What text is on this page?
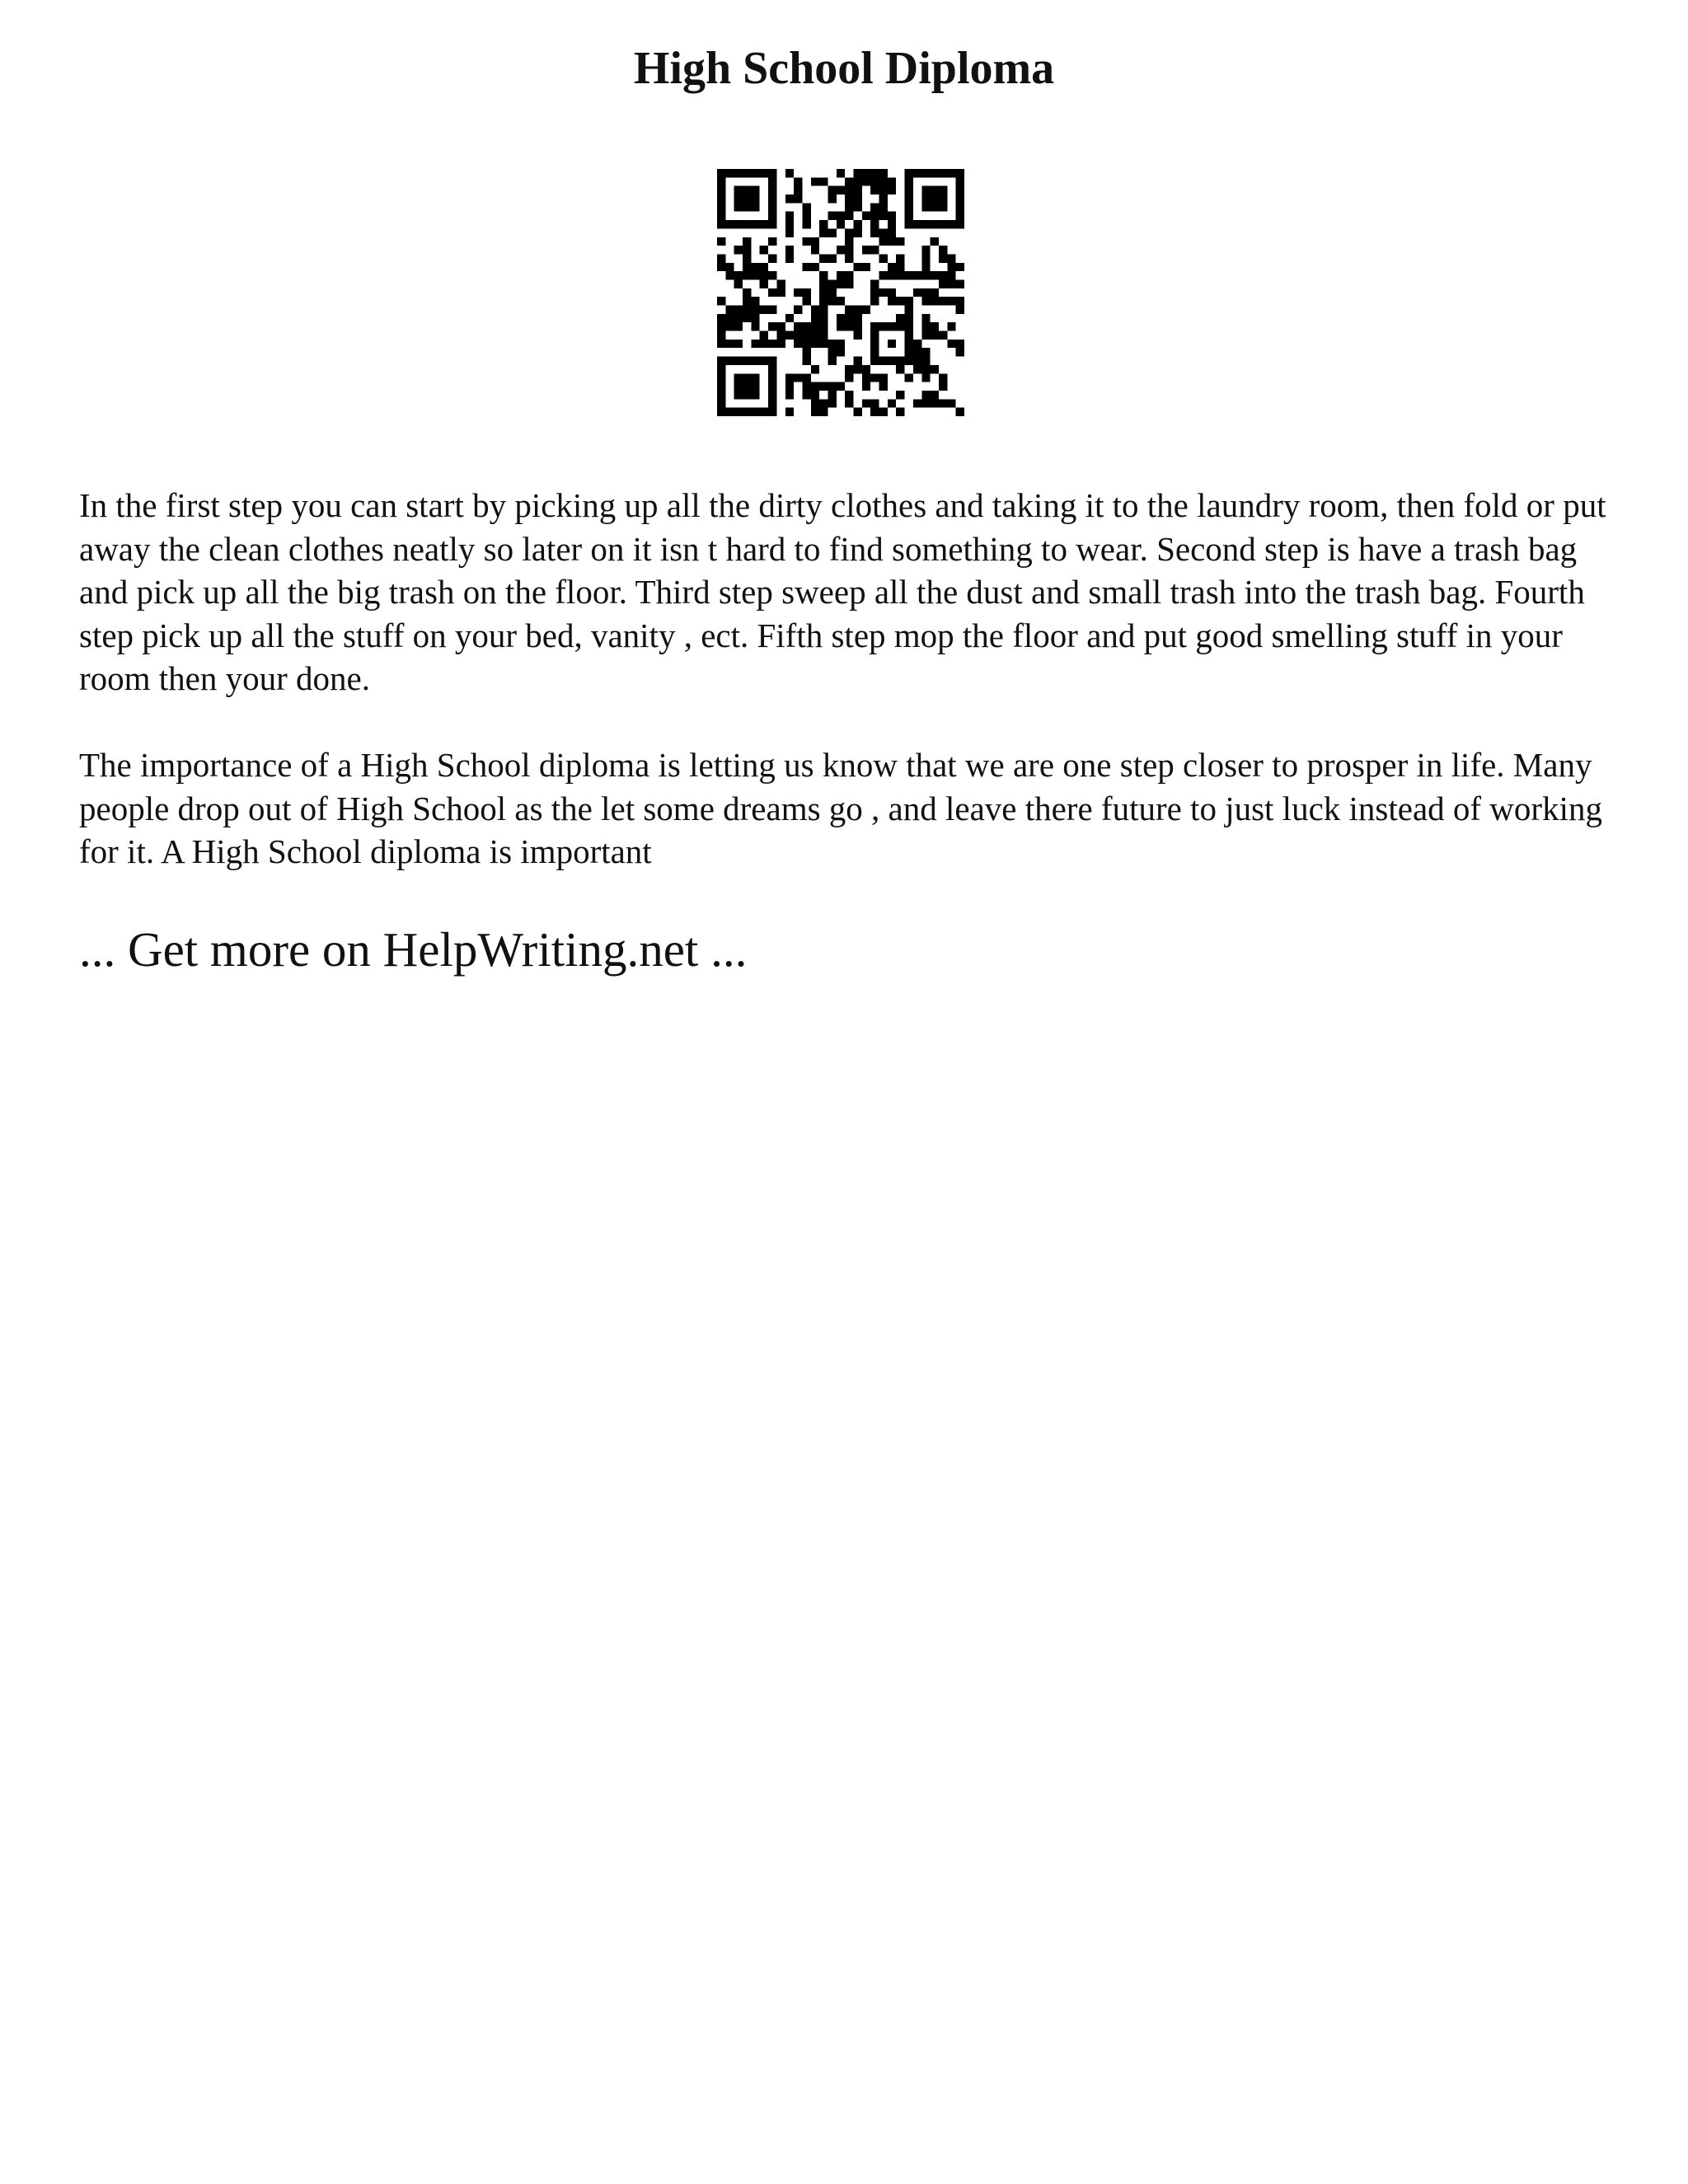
High School Diploma

In the first step you can start by picking up all the dirty clothes and taking it to the laundry room, then fold or put away the clean clothes neatly so later on it isn t hard to find something to wear. Second step is have a trash bag and pick up all the big trash on the floor. Third step sweep all the dust and small trash into the trash bag. Fourth step pick up all the stuff on your bed, vanity , ect. Fifth step mop the floor and put good smelling stuff in your room then your done.

The importance of a High School diploma is letting us know that we are one step closer to prosper in life. Many people drop out of High School as the let some dreams go , and leave there future to just luck instead of working for it. A High School diploma is important

... Get more on HelpWriting.net ...
